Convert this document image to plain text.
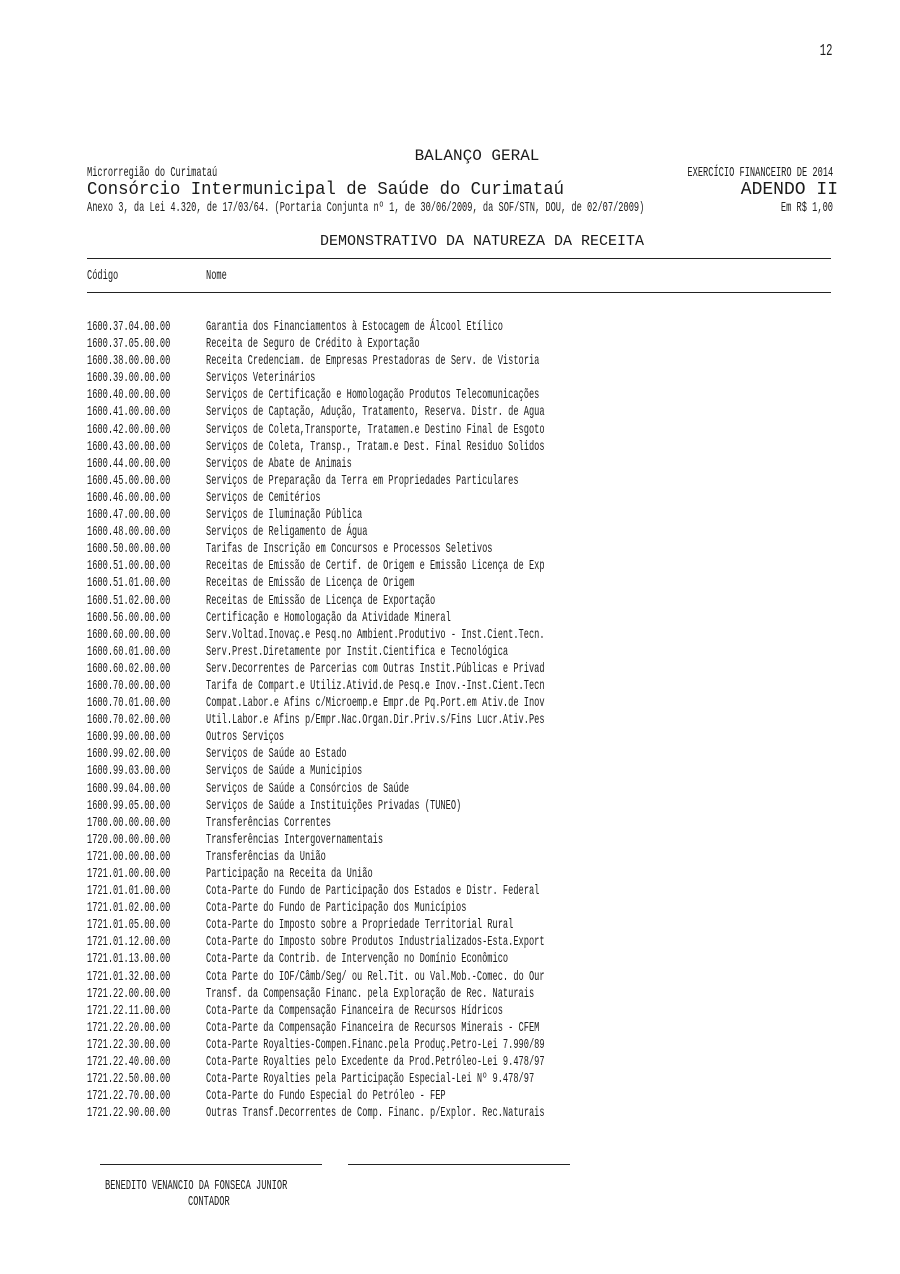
12
BALANÇO GERAL
Microrregião do Curimataú	EXERCÍCIO FINANCEIRO DE 2014
Consórcio Intermunicipal de Saúde do Curimataú	ADENDO II
Anexo 3, da Lei 4.320, de 17/03/64. (Portaria Conjunta nº 1, de 30/06/2009, da SOF/STN, DOU, de 02/07/2009)	Em R$ 1,00
DEMONSTRATIVO DA NATUREZA DA RECEITA
Código	Nome
1600.37.04.00.00	Garantia dos Financiamentos à Estocagem de Álcool Etílico
1600.37.05.00.00	Receita de Seguro de Crédito à Exportação
1600.38.00.00.00	Receita Credenciam. de Empresas Prestadoras de Serv. de Vistoria
1600.39.00.00.00	Serviços Veterinários
1600.40.00.00.00	Serviços de Certificação e Homologação Produtos Telecomunicações
1600.41.00.00.00	Serviços de Captação, Adução, Tratamento, Reserva. Distr. de Agua
1600.42.00.00.00	Serviços de Coleta,Transporte, Tratamen.e Destino Final de Esgoto
1600.43.00.00.00	Serviços de Coleta, Transp., Tratam.e Dest. Final Residuo Solidos
1600.44.00.00.00	Serviços de Abate de Animais
1600.45.00.00.00	Serviços de Preparação da Terra em Propriedades Particulares
1600.46.00.00.00	Serviços de Cemitérios
1600.47.00.00.00	Serviços de Iluminação Pública
1600.48.00.00.00	Serviços de Religamento de Água
1600.50.00.00.00	Tarifas de Inscrição em Concursos e Processos Seletivos
1600.51.00.00.00	Receitas de Emissão de Certif. de Origem e Emissão Licença de Exp
1600.51.01.00.00	Receitas de Emissão de Licença de Origem
1600.51.02.00.00	Receitas de Emissão de Licença de Exportação
1600.56.00.00.00	Certificação e Homologação da Atividade Mineral
1600.60.00.00.00	Serv.Voltad.Inovaç.e Pesq.no Ambient.Produtivo - Inst.Cient.Tecn.
1600.60.01.00.00	Serv.Prest.Diretamente por Instit.Cientifica e Tecnológica
1600.60.02.00.00	Serv.Decorrentes de Parcerias com Outras Instit.Públicas e Privad
1600.70.00.00.00	Tarifa de Compart.e Utiliz.Ativid.de Pesq.e Inov.-Inst.Cient.Tecn
1600.70.01.00.00	Compat.Labor.e Afins c/Microemp.e Empr.de Pq.Port.em Ativ.de Inov
1600.70.02.00.00	Util.Labor.e Afins p/Empr.Nac.Organ.Dir.Priv.s/Fins Lucr.Ativ.Pes
1600.99.00.00.00	Outros Serviços
1600.99.02.00.00	Serviços de Saúde ao Estado
1600.99.03.00.00	Serviços de Saúde a Municipios
1600.99.04.00.00	Serviços de Saúde a Consórcios de Saúde
1600.99.05.00.00	Serviços de Saúde a Instituições Privadas (TUNEO)
1700.00.00.00.00	Transferências Correntes
1720.00.00.00.00	Transferências Intergovernamentais
1721.00.00.00.00	Transferências da União
1721.01.00.00.00	Participação na Receita da União
1721.01.01.00.00	Cota-Parte do Fundo de Participação dos Estados e Distr. Federal
1721.01.02.00.00	Cota-Parte do Fundo de Participação dos Municípios
1721.01.05.00.00	Cota-Parte do Imposto sobre a Propriedade Territorial Rural
1721.01.12.00.00	Cota-Parte do Imposto sobre Produtos Industrializados-Esta.Export
1721.01.13.00.00	Cota-Parte da Contrib. de Intervenção no Domínio Econômico
1721.01.32.00.00	Cota Parte do IOF/Câmb/Seg/ ou Rel.Tit. ou Val.Mob.-Comec. do Our
1721.22.00.00.00	Transf. da Compensação Financ. pela Exploração de Rec. Naturais
1721.22.11.00.00	Cota-Parte da Compensação Financeira de Recursos Hídricos
1721.22.20.00.00	Cota-Parte da Compensação Financeira de Recursos Minerais - CFEM
1721.22.30.00.00	Cota-Parte Royalties-Compen.Financ.pela Produç.Petro-Lei 7.990/89
1721.22.40.00.00	Cota-Parte Royalties pelo Excedente da Prod.Petróleo-Lei 9.478/97
1721.22.50.00.00	Cota-Parte Royalties pela Participação Especial-Lei Nº 9.478/97
1721.22.70.00.00	Cota-Parte do Fundo Especial do Petróleo - FEP
1721.22.90.00.00	Outras Transf.Decorrentes de Comp. Financ. p/Explor. Rec.Naturais
BENEDITO VENANCIO DA FONSECA JUNIOR
CONTADOR
